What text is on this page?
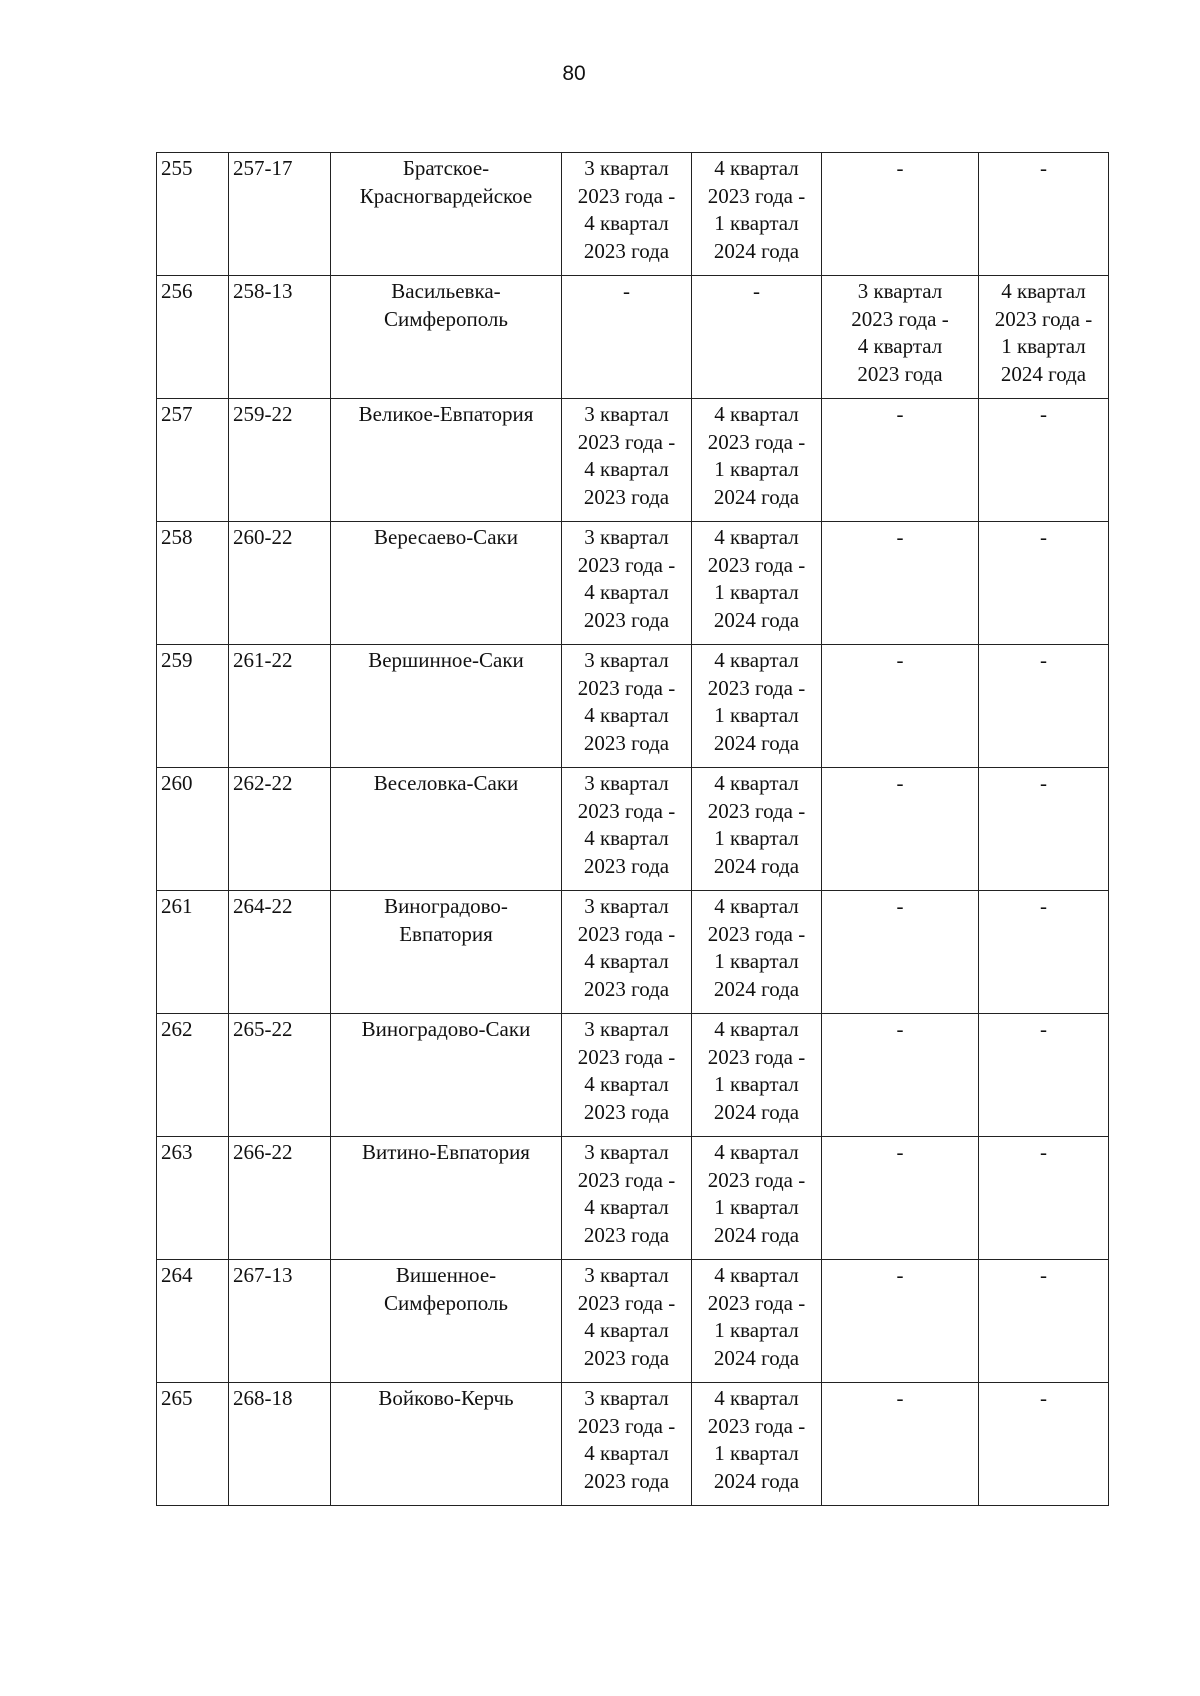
80
255	257-17	Братское-
Красногвардейское	3 квартал
2023 года -
4 квартал
2023 года	4 квартал
2023 года -
1 квартал
2024 года	-	-

256	258-13	Васильевка-
Симферополь	-	-	3 квартал
2023 года -
4 квартал
2023 года	4 квартал
2023 года -
1 квартал
2024 года

257	259-22	Великое-Евпатория	3 квартал
2023 года -
4 квартал
2023 года	4 квартал
2023 года -
1 квартал
2024 года	-	-

258	260-22	Вересаево-Саки	3 квартал
2023 года -
4 квартал
2023 года	4 квартал
2023 года -
1 квартал
2024 года	-	-

259	261-22	Вершинное-Саки	3 квартал
2023 года -
4 квартал
2023 года	4 квартал
2023 года -
1 квартал
2024 года	-	-

260	262-22	Веселовка-Саки	3 квартал
2023 года -
4 квартал
2023 года	4 квартал
2023 года -
1 квартал
2024 года	-	-

261	264-22	Виноградово-
Евпатория	3 квартал
2023 года -
4 квартал
2023 года	4 квартал
2023 года -
1 квартал
2024 года	-	-

262	265-22	Виноградово-Саки	3 квартал
2023 года -
4 квартал
2023 года	4 квартал
2023 года -
1 квартал
2024 года	-	-

263	266-22	Витино-Евпатория	3 квартал
2023 года -
4 квартал
2023 года	4 квартал
2023 года -
1 квартал
2024 года	-	-

264	267-13	Вишенное-
Симферополь	3 квартал
2023 года -
4 квартал
2023 года	4 квартал
2023 года -
1 квартал
2024 года	-	-

265	268-18	Войково-Керчь	3 квартал
2023 года -
4 квартал
2023 года	4 квартал
2023 года -
1 квартал
2024 года	-	-
